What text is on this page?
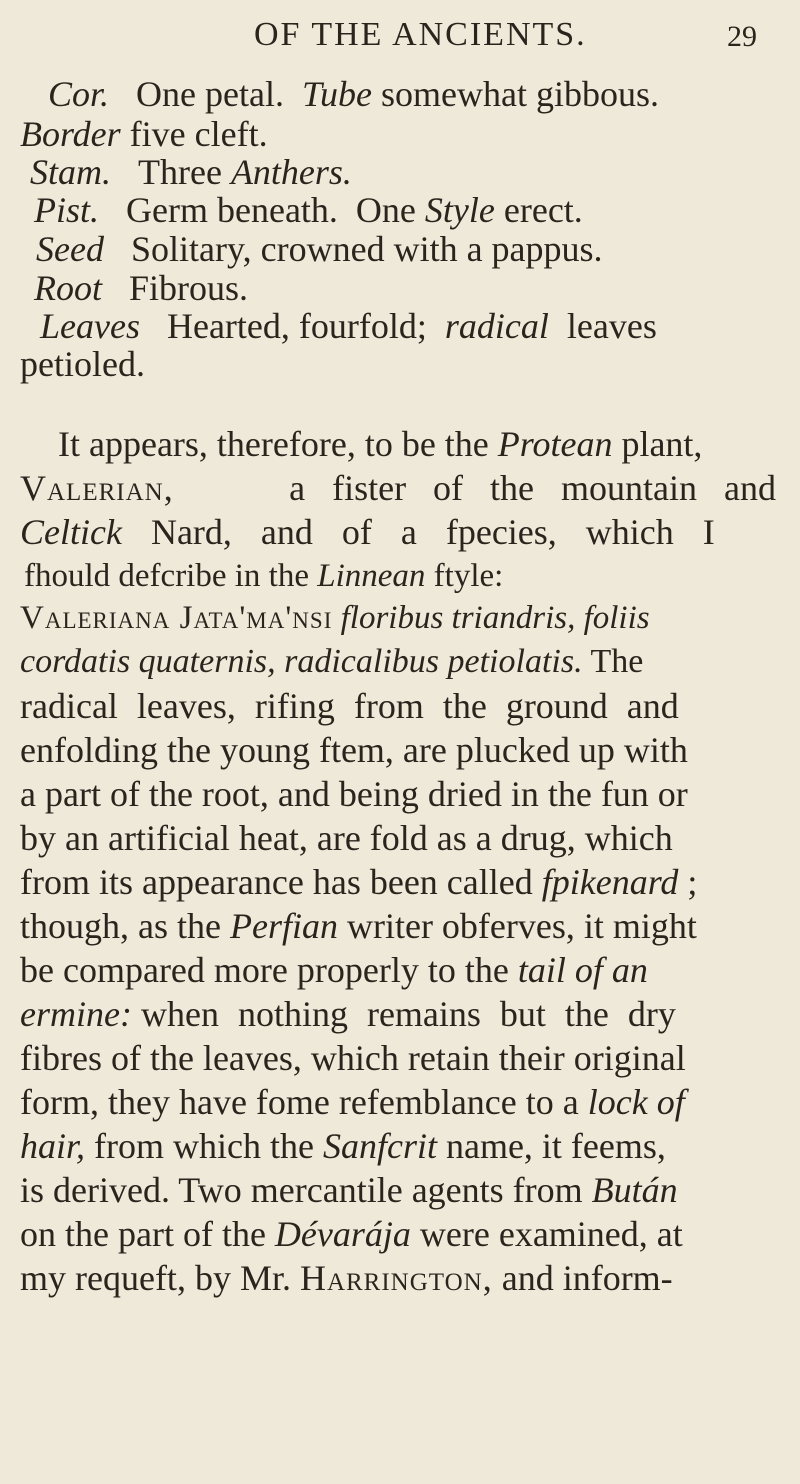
OF THE ANCIENTS.	29
Cor. One petal. Tube somewhat gibbous.
Border five cleft.
Stam. Three Anthers.
Pist. Germ beneath. One Style erect.
Seed Solitary, crowned with a pappus.
Root Fibrous.
Leaves Hearted, fourfold; radical leaves
petioled.
It appears, therefore, to be the Protean plant,
Valerian,	a fister of the mountain and
Celtick Nard, and of a fpecies, which I
fhould defcribe in the Linnean ftyle:
Valeriana Jata'ma'nsi floribus triandris, foliis
cordatis quaternis, radicalibus petiolatis. The
radical leaves, rifing from the ground and
enfolding the young ftem, are plucked up with
a part of the root, and being dried in the fun or
by an artificial heat, are fold as a drug, which
from its appearance has been called fpikenard ;
though, as the Perfian writer obferves, it might
be compared more properly to the tail of an
ermine: when nothing remains but the dry
fibres of the leaves, which retain their original
form, they have fome refemblance to a lock of
hair, from which the Sanfcrit name, it feems,
is derived. Two mercantile agents from Bután
on the part of the Dévarája were examined, at
my requeft, by Mr. Harrington, and inform-
